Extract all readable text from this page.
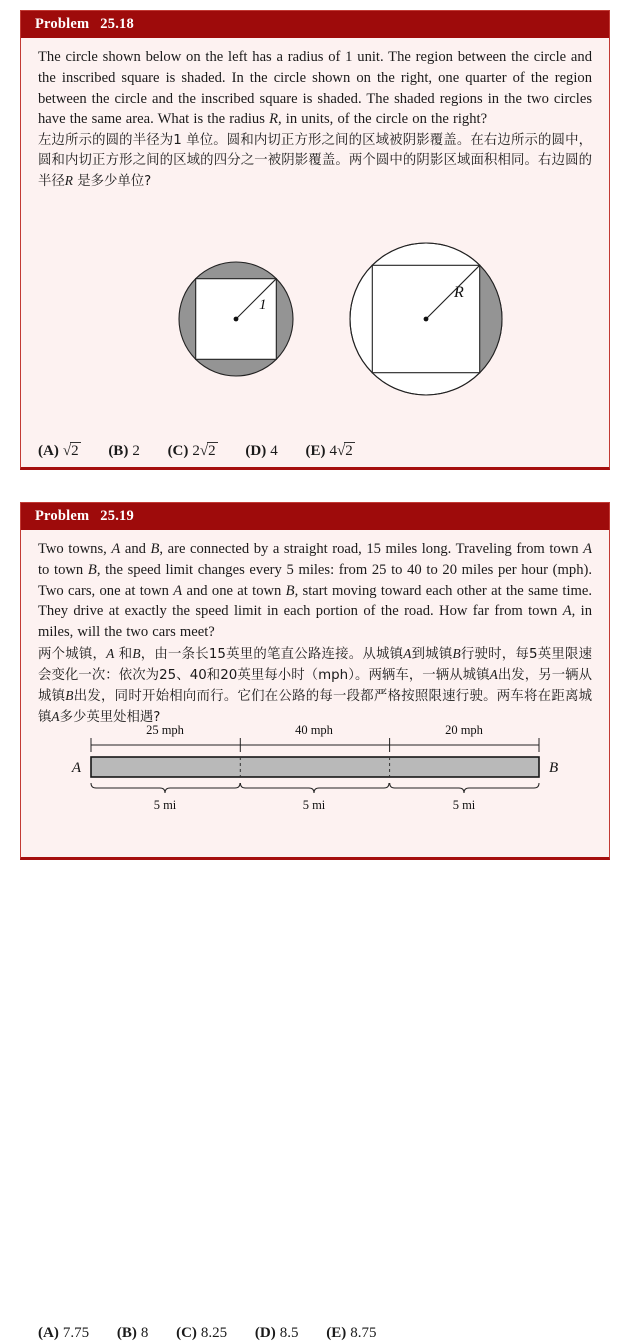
Problem 25.18

The circle shown below on the left has a radius of 1 unit. The region between the circle and the inscribed square is shaded. In the circle shown on the right, one quarter of the region between the circle and the inscribed square is shaded. The shaded regions in the two circles have the same area. What is the radius R, in units, of the circle on the right?

左边所示的圆的半径为1 单位。圆和内切正方形之间的区域被阴影覆盖。在右边所示的圆中，圆和内切正方形之间的区域的四分之一被阴影覆盖。两个圆中的阴影区域面积相同。右边圆的半径R 是多少单位?

1
R
(A) √2 (B) 2 (C) 2√2 (D) 4 (E) 4√2
Problem 25.19

Two towns, A and B, are connected by a straight road, 15 miles long. Traveling from town A to town B, the speed limit changes every 5 miles: from 25 to 40 to 20 miles per hour (mph). Two cars, one at town A and one at town B, start moving toward each other at the same time. They drive at exactly the speed limit in each portion of the road. How far from town A, in miles, will the two cars meet?

两个城镇，A 和B，由一条长15英里的笔直公路连接。从城镇A到城镇B行驶时，每5英里限速会变化一次：依次为25、40和20英里每小时（mph）。两辆车，一辆从城镇A出发，另一辆从城镇B出发，同时开始相向而行。它们在公路的每一段都严格按照限速行驶。两车将在距离城镇A多少英里处相遇?

25 mph	40 mph	20 mph
A	B
5 mi	5 mi	5 mi
(A) 7.75 (B) 8 (C) 8.25 (D) 8.5 (E) 8.75
